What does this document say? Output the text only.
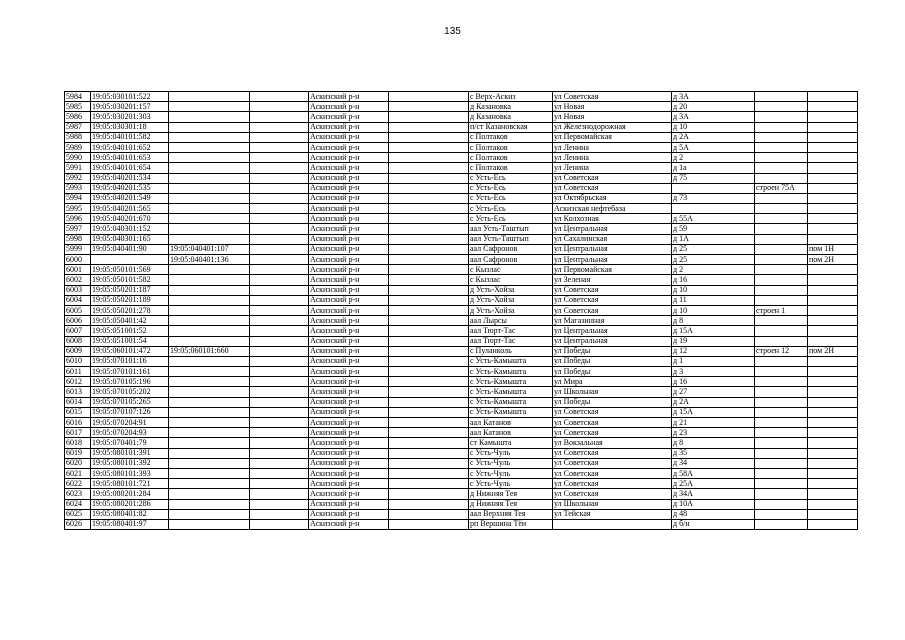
135
5984	19:05:030101:522			Аскизский р-н		с Верх-Аскиз	ул Советская	д 3А		
5985	19:05:030201:157			Аскизский р-н		д Казановка	ул Новая	д 20		
5986	19:05:030201:303			Аскизский р-н		д Казановка	ул Новая	д 3А		
5987	19:05:030301:18			Аскизский р-н		п/ст Казановская	ул Железнодорожная	д 10		
5988	19:05:040101:582			Аскизский р-н		с Полтаков	ул Первомайская	д 2А		
5989	19:05:040101:652			Аскизский р-н		с Полтаков	ул Ленина	д 5А		
5990	19:05:040101:653			Аскизский р-н		с Полтаков	ул Ленина	д 2		
5991	19:05:040101:654			Аскизский р-н		с Полтаков	ул Ленина	д 1а		
5992	19:05:040201:534			Аскизский р-н		с Усть-Есь	ул Советская	д 75		
5993	19:05:040201:535			Аскизский р-н		с Усть-Есь	ул Советская		строен 75А	
5994	19:05:040201:549			Аскизский р-н		с Усть-Есь	ул Октябрьская	д 73		
5995	19:05:040201:565			Аскизский р-н		с Усть-Есь	Аскизская нефтебаза			
5996	19:05:040201:670			Аскизский р-н		с Усть-Есь	ул Колхозная	д 55А		
5997	19:05:040301:152			Аскизский р-н		аал Усть-Таштып	ул Центральная	д 59		
5998	19:05:040301:165			Аскизский р-н		аал Усть-Таштып	ул Сахалинская	д 1А		
5999	19:05:040401:90	19:05:040401:107		Аскизский р-н		аал Сафронов	ул Центральная	д 25		пом 1Н
6000		19:05:040401:136		Аскизский р-н		аал Сафронов	ул Центральная	д 25		пом 2Н
6001	19:05:050101:569			Аскизский р-н		с Кызлас	ул Первомайская	д 2		
6002	19:05:050101:582			Аскизский р-н		с Кызлас	ул Зеленая	д 16		
6003	19:05:050201:187			Аскизский р-н		д Усть-Хойза	ул Советская	д 10		
6004	19:05:050201:189			Аскизский р-н		д Усть-Хойза	ул Советская	д 11		
6005	19:05:050201:278			Аскизский р-н		д Усть-Хойза	ул Советская	д 10	строен 1	
6006	19:05:050401:42			Аскизский р-н		аал Лырсы	ул Магазинная	д 8		
6007	19:05:051001:52			Аскизский р-н		аал Тюрт-Тас	ул Центральная	д 15А		
6008	19:05:051001:54			Аскизский р-н		аал Тюрт-Тас	ул Центральная	д 19		
6009	19:05:060101:472	19:05:060101:660		Аскизский р-н		с Пуланколь	ул Победы	д 12	строен 12	пом 2Н
6010	19:05:070101:16			Аскизский р-н		с Усть-Камышта	ул Победы	д 1		
6011	19:05:070101:161			Аскизский р-н		с Усть-Камышта	ул Победы	д 3		
6012	19:05:070105:196			Аскизский р-н		с Усть-Камышта	ул Мира	д 16		
6013	19:05:070105:202			Аскизский р-н		с Усть-Камышта	ул Школьная	д 27		
6014	19:05:070105:265			Аскизский р-н		с Усть-Камышта	ул Победы	д 2А		
6015	19:05:070107:126			Аскизский р-н		с Усть-Камышта	ул Советская	д 15А		
6016	19:05:070204:91			Аскизский р-н		аал Катанов	ул Советская	д 21		
6017	19:05:070204:93			Аскизский р-н		аал Катанов	ул Советская	д 23		
6018	19:05:070401:79			Аскизский р-н		ст Камышта	ул Вокзальная	д 8		
6019	19:05:080101:391			Аскизский р-н		с Усть-Чуль	ул Советская	д 35		
6020	19:05:080101:392			Аскизский р-н		с Усть-Чуль	ул Советская	д 34		
6021	19:05:080101:393			Аскизский р-н		с Усть-Чуль	ул Советская	д 58А		
6022	19:05:080101:721			Аскизский р-н		с Усть-Чуль	ул Советская	д 25А		
6023	19:05:080201:284			Аскизский р-н		д Нижняя Тея	ул Советская	д 34А		
6024	19:05:080201:286			Аскизский р-н		д Нижняя Тея	ул Школьная	д 10А		
6025	19:05:080401:82			Аскизский р-н		аал Верхняя Тея	ул Тейская	д 48		
6026	19:05:080401:97			Аскизский р-н		рп Вершина Тёи		д б/н		
